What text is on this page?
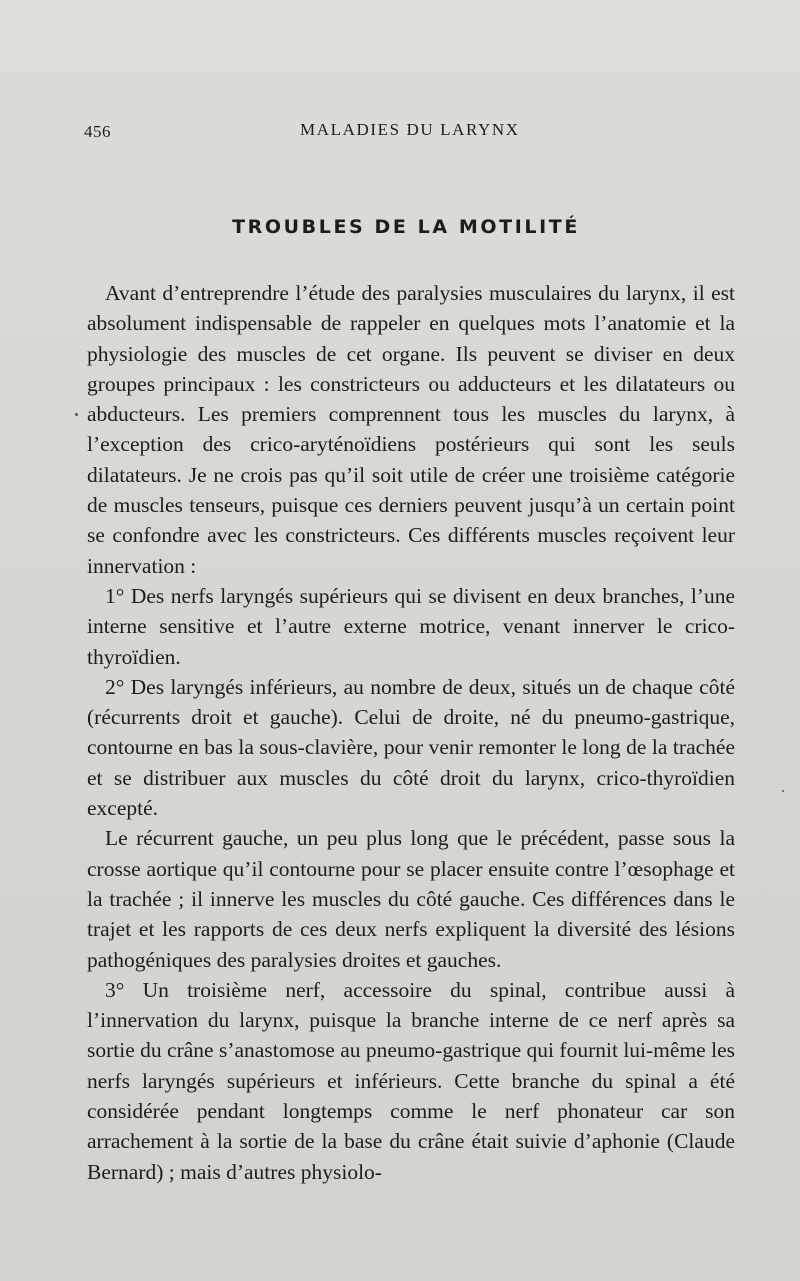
456	MALADIES DU LARYNX
TROUBLES DE LA MOTILITÉ

Avant d’entreprendre l’étude des paralysies musculaires du larynx, il est absolument indispensable de rappeler en quelques mots l’anatomie et la physiologie des muscles de cet organe. Ils peuvent se diviser en deux groupes principaux : les constricteurs ou adducteurs et les dilatateurs ou abducteurs. Les premiers comprennent tous les muscles du larynx, à l’exception des crico-aryténoïdiens postérieurs qui sont les seuls dilatateurs. Je ne crois pas qu’il soit utile de créer une troisième catégorie de muscles tenseurs, puisque ces derniers peuvent jusqu’à un certain point se confondre avec les constricteurs. Ces différents muscles reçoivent leur innervation :

1° Des nerfs laryngés supérieurs qui se divisent en deux branches, l’une interne sensitive et l’autre externe motrice, venant innerver le crico-thyroïdien.

2° Des laryngés inférieurs, au nombre de deux, situés un de chaque côté (récurrents droit et gauche). Celui de droite, né du pneumo-gastrique, contourne en bas la sous-clavière, pour venir remonter le long de la trachée et se distribuer aux muscles du côté droit du larynx, crico-thyroïdien excepté.

Le récurrent gauche, un peu plus long que le précédent, passe sous la crosse aortique qu’il contourne pour se placer ensuite contre l’œsophage et la trachée ; il innerve les muscles du côté gauche. Ces différences dans le trajet et les rapports de ces deux nerfs expliquent la diversité des lésions pathogéniques des paralysies droites et gauches.

3° Un troisième nerf, accessoire du spinal, contribue aussi à l’innervation du larynx, puisque la branche interne de ce nerf après sa sortie du crâne s’anastomose au pneumo-gastrique qui fournit lui-même les nerfs laryngés supérieurs et inférieurs. Cette branche du spinal a été considérée pendant longtemps comme le nerf phonateur car son arrachement à la sortie de la base du crâne était suivie d’aphonie (Claude Bernard) ; mais d’autres physiolo-
